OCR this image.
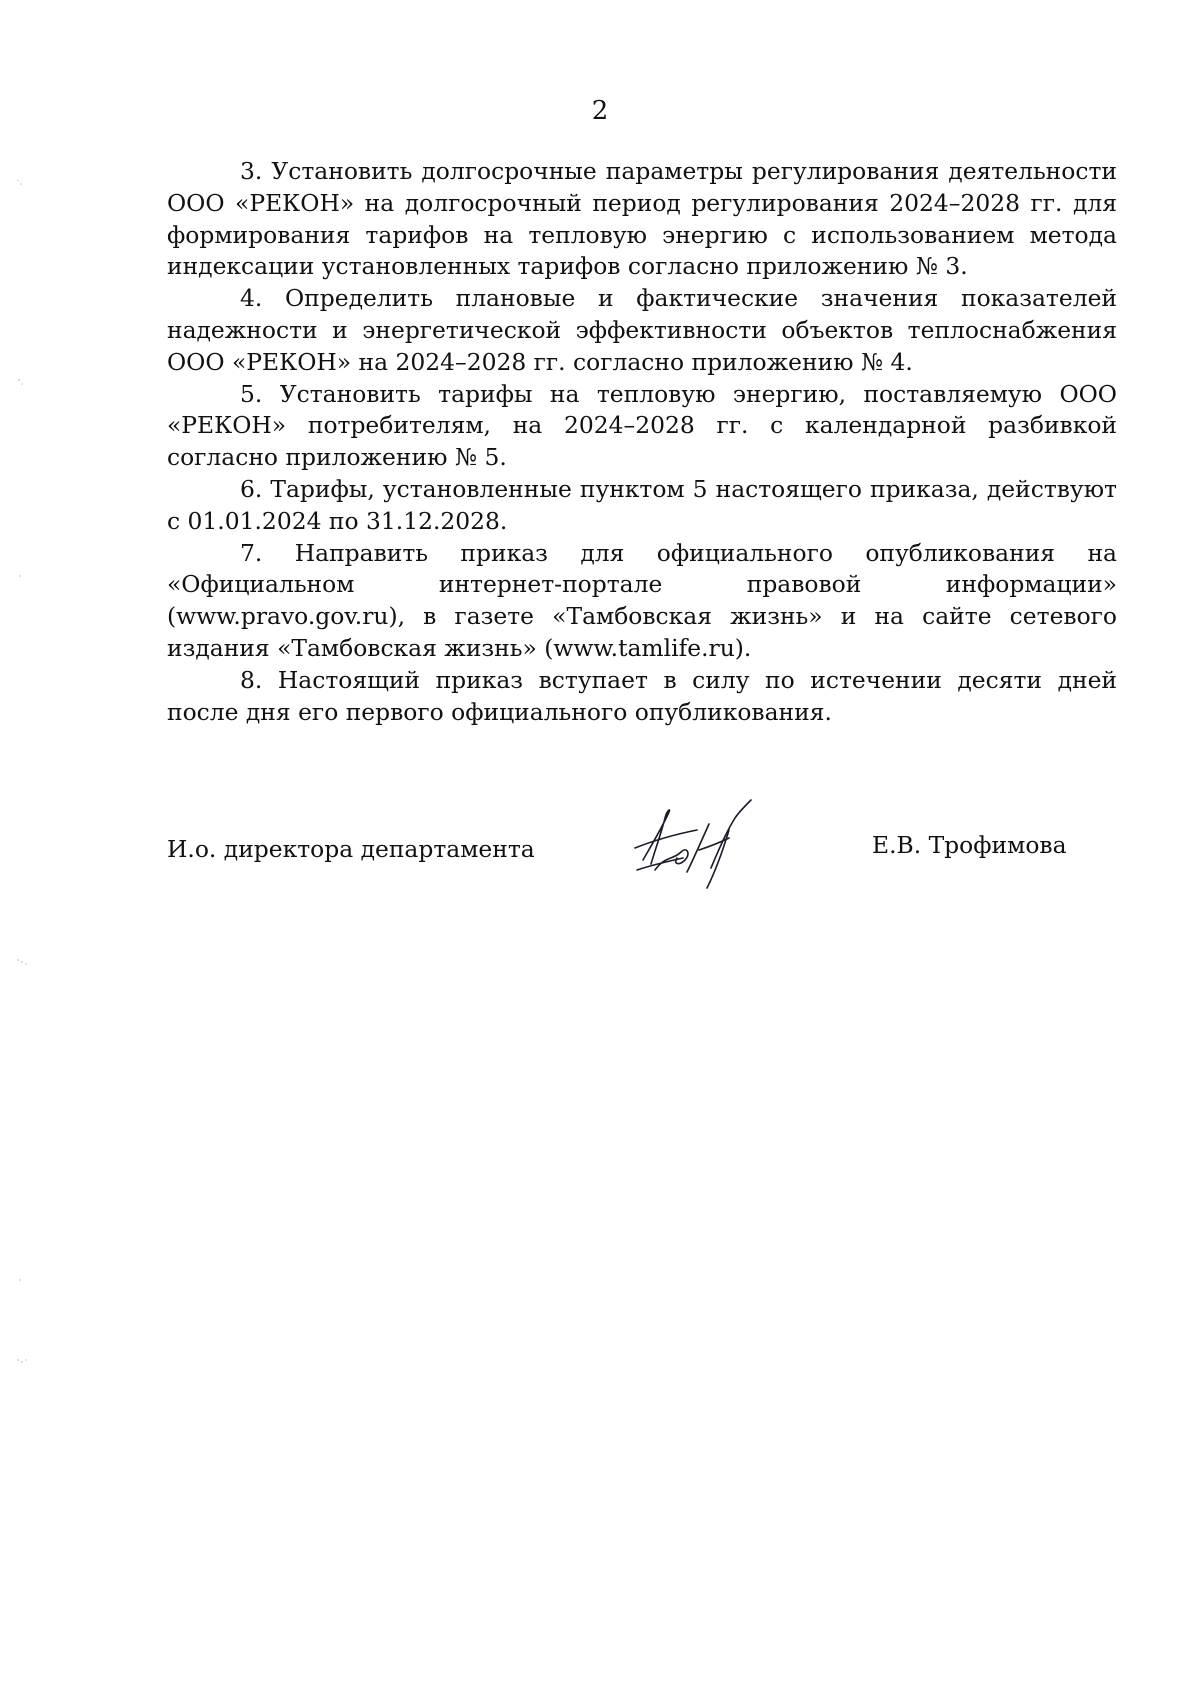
2

3. Установить долгосрочные параметры регулирования деятельности ООО «РЕКОН» на долгосрочный период регулирования 2024–2028 гг. для формирования тарифов на тепловую энергию с использованием метода индексации установленных тарифов согласно приложению № 3.

4. Определить плановые и фактические значения показателей надежности и энергетической эффективности объектов теплоснабжения ООО «РЕКОН» на 2024–2028 гг. согласно приложению № 4.

5. Установить тарифы на тепловую энергию, поставляемую ООО «РЕКОН» потребителям, на 2024–2028 гг. с календарной разбивкой согласно приложению № 5.

6. Тарифы, установленные пунктом 5 настоящего приказа, действуют с 01.01.2024 по 31.12.2028.

7. Направить приказ для официального опубликования на «Официальном интернет-портале правовой информации» (www.pravo.gov.ru), в газете «Тамбовская жизнь» и на сайте сетевого издания «Тамбовская жизнь» (www.tamlife.ru).

8. Настоящий приказ вступает в силу по истечении десяти дней после дня его первого официального опубликования.

И.о. директора департамента	Е.В. Трофимова
